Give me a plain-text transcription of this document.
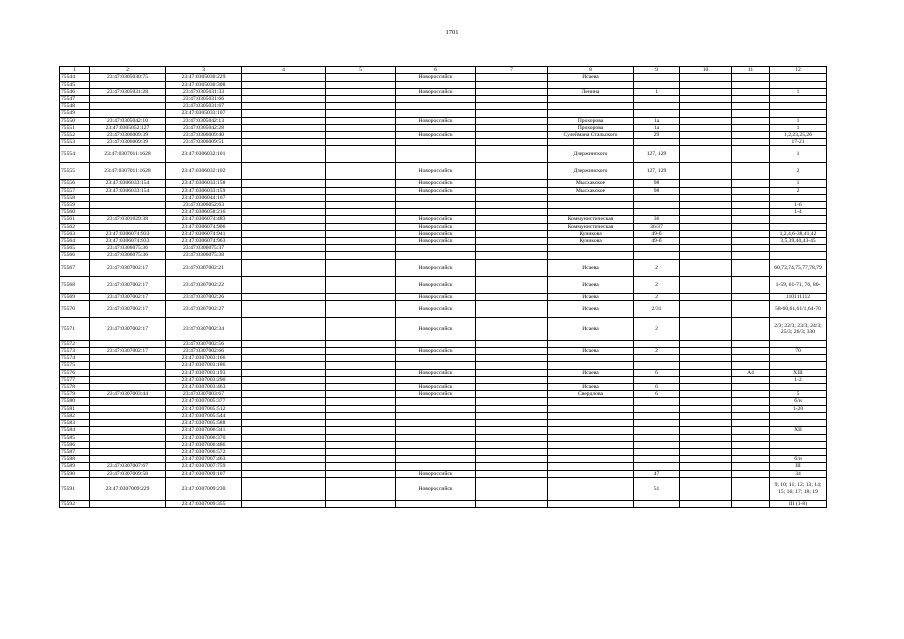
1701
1	2	3	4	5	6	7	8	9	10	11	12
75544	23:47:0305030:75	23:47:0305030:229			Новороссийск		Исаева				
75545		23:47:0305030:308									
75546	23:47:0305031:28	23:47:0305031:33			Новороссийск		Ленина	1			1
75547		23:47:0305031:66									
75548		23:47:0305031:67									
75549		23:47:0305033:107									
75550	23:47:0305042:10	23:47:0305042:13			Новороссийск		Прохорова	1а			1
75551	23:47:0305052:127	23:47:0305042:28					Прохорова	1а			1
75552	23:47:0306009:39	23:47:0306009:40			Новороссийск		Сулеймана Стальского	29			1,2,23,25,26
75553	23:47:0306009:39	23:47:0306009:51									17-21
75554	23:47:0307011:1628	23:47:0306032:101					Дзержинского	127, 129			1
75555	23:47:0307011:1628	23:47:0306032:102			Новороссийск		Дзержинского	127, 129			2
75556	23:47:0306033:154	23:47:0306033:158			Новороссийск		Мысхакское	98			1
75557	23:47:0306033:154	23:47:0306033:159			Новороссийск		Мысхакское	98			2
75558		23:47:0306044:167									
75559		23:47:0306052:63									1-6
75560		23:47:0306058:216									1-4
75561	23:47:0301029:38	23:47:0306074:483			Новороссийск		Коммунистическая	36			
75562		23:47:0306074:906			Новороссийск		Коммунистическая	36/37			
75563	23:47:0306074:933	23:47:0306074:941			Новороссийск		Куникова	49-б			1,2,4,6-38,41,42
75564	23:47:0306074:933	23:47:0306074:963			Новороссийск		Куникова	49-б			3,5,39,40,43-45
75565	23:47:0306075:36	23:47:0306075:37									
75566	23:47:0306075:36	23:47:0306075:38									
75567	23:47:0307002:17	23:47:0307002:21			Новороссийск		Исаева	2			60,73,74,75,77,78,79
75568	23:47:0307002:17	23:47:0307002:22			Новороссийск		Исаева	2			1-59, 61-71, 76, 80-
75569	23:47:0307002:17	23:47:0307002:26			Новороссийск		Исаева	2			110111112
75570	23:47:0307002:17	23:47:0307002:27			Новороссийск		Исаева	2/31			58-60,61,61/1,64-70
75571	23:47:0307002:17	23:47:0307002:34			Новороссийск		Исаева	2			2/3; 22/3; 23/3; 24/3; 25/3; 26/3; 330
75572		23:47:0307002:56									
75573	23:47:0307002:17	23:47:0307002:66			Новороссийск		Исаева	2			70
75574		23:47:0307003:166									
75575		23:47:0307003:186									
75576		23:47:0307003:193			Новороссийск		Исаева	6		А4	XIII
75577		23:47:0307003:290									1-2
75578		23:47:0307003:463			Новороссийск		Исаева	6			
75579	23:47:0307003:44	23:47:0307003:67			Новороссийск		Свердлова	6			5
75580		23:47:0307005:377									б/н
75581		23:47:0307005:512									1-20
75582		23:47:0307005:544									
75583		23:47:0307005:588									
75584		23:47:0307006:341									XII
75585		23:47:0307006:370									
75586		23:47:0307006:486									
75587		23:47:0307006:572									
75588		23:47:0307007:463									б/н
75589	23:47:0307007:67	23:47:0307007:759									III
75590	23:47:0307009:58	23:47:0307009:107			Новороссийск			47			34
75591	23:47:0307009:229	23:47:0307009:230			Новороссийск			51			9; 10; 11; 12; 13; 14; 15; 16; 17; 18; 19
75592		23:47:0307009:355									III (1-8)
